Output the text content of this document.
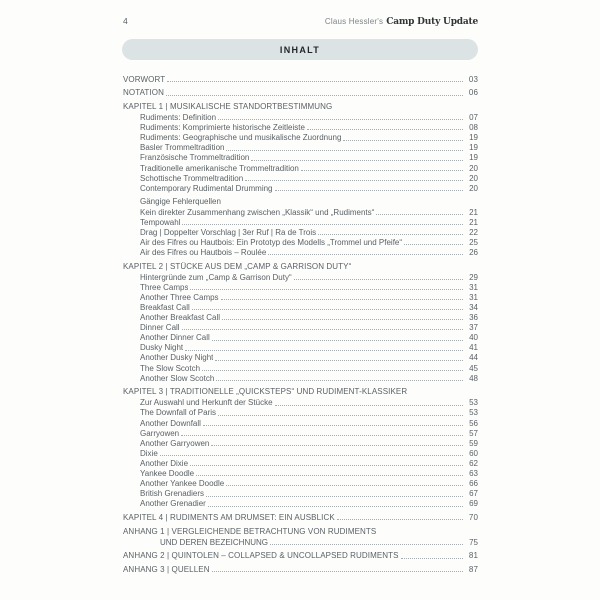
4	Claus Hessler's Camp Duty Update
INHALT
VORWORT	03
NOTATION	06
KAPITEL 1 | MUSIKALISCHE STANDORTBESTIMMUNG
Rudiments: Definition	07
Rudiments: Komprimierte historische Zeitleiste	08
Rudiments: Geographische und musikalische Zuordnung	19
Basler Trommeltradition	19
Französische Trommeltradition	19
Traditionelle amerikanische Trommeltradition	20
Schottische Trommeltradition	20
Contemporary Rudimental Drumming	20
Gängige Fehlerquellen
Kein direkter Zusammenhang zwischen „Klassik“ und „Rudiments“	21
Tempowahl	21
Drag | Doppelter Vorschlag | 3er Ruf | Ra de Trois	22
Air des Fifres ou Hautbois: Ein Prototyp des Modells „Trommel und Pfeife“	25
Air des Fifres ou Hautbois – Roulée	26
KAPITEL 2 | STÜCKE AUS DEM „CAMP & GARRISON DUTY“
Hintergründe zum „Camp & Garrison Duty“	29
Three Camps	31
Another Three Camps	31
Breakfast Call	34
Another Breakfast Call	36
Dinner Call	37
Another Dinner Call	40
Dusky Night	41
Another Dusky Night	44
The Slow Scotch	45
Another Slow Scotch	48
KAPITEL 3 | TRADITIONELLE „QUICKSTEPS“ UND RUDIMENT-KLASSIKER
Zur Auswahl und Herkunft der Stücke	53
The Downfall of Paris	53
Another Downfall	56
Garryowen	57
Another Garryowen	59
Dixie	60
Another Dixie	62
Yankee Doodle	63
Another Yankee Doodle	66
British Grenadiers	67
Another Grenadier	69
KAPITEL 4 | RUDIMENTS AM DRUMSET: EIN AUSBLICK	70
ANHANG 1 | VERGLEICHENDE BETRACHTUNG VON RUDIMENTS
UND DEREN BEZEICHNUNG	75
ANHANG 2 | QUINTOLEN – COLLAPSED & UNCOLLAPSED RUDIMENTS	81
ANHANG 3 | QUELLEN	87
